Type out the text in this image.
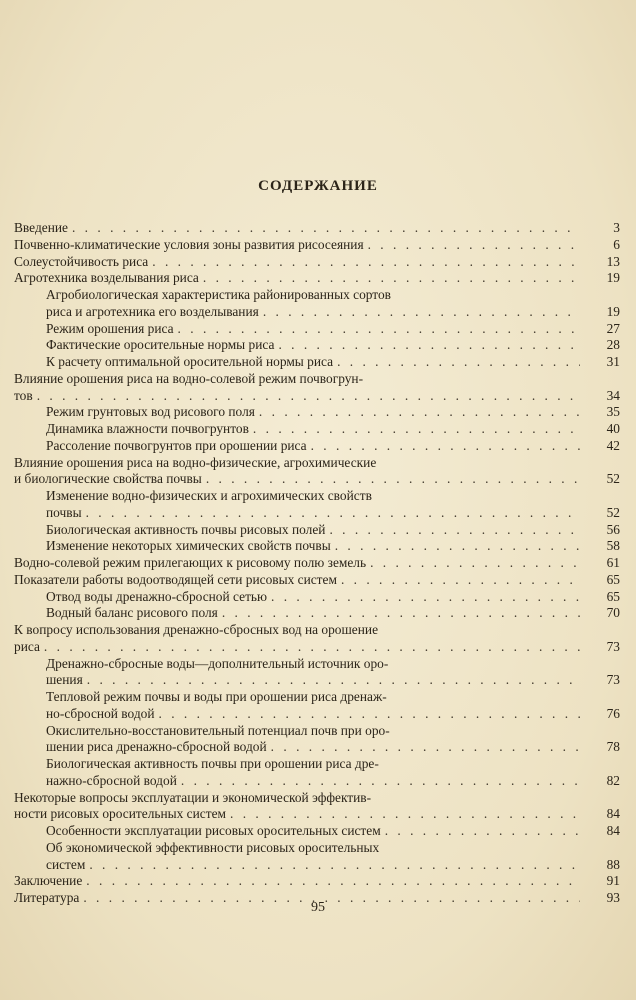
СОДЕРЖАНИЕ
Введение . . .	3
Почвенно-климатические условия зоны развития рисосеяния . . .	6
Солеустойчивость риса . . .	13
Агротехника возделывания риса . . .	19
Агробиологическая характеристика районированных сортов
риса и агротехника его возделывания . . .	19
Режим орошения риса . . .	27
Фактические оросительные нормы риса . . .	28
К расчету оптимальной оросительной нормы риса . . .	31
Влияние орошения риса на водно-солевой режим почвогрун-
тов . . .	34
Режим грунтовых вод рисового поля . . .	35
Динамика влажности почвогрунтов . . .	40
Рассоление почвогрунтов при орошении риса . . .	42
Влияние орошения риса на водно-физические, агрохимические
и биологические свойства почвы . . .	52
Изменение водно-физических и агрохимических свойств
почвы . . .	52
Биологическая активность почвы рисовых полей . . .	56
Изменение некоторых химических свойств почвы . . .	58
Водно-солевой режим прилегающих к рисовому полю земель . . .	61
Показатели работы водоотводящей сети рисовых систем . . .	65
Отвод воды дренажно-сбросной сетью . . .	65
Водный баланс рисового поля . . .	70
К вопросу использования дренажно-сбросных вод на орошение
риса . . .	73
Дренажно-сбросные воды—дополнительный источник оро-
шения . . .	73
Тепловой режим почвы и воды при орошении риса дренаж-
но-сбросной водой . . .	76
Окислительно-восстановительный потенциал почв при оро-
шении риса дренажно-сбросной водой . . .	78
Биологическая активность почвы при орошении риса дре-
нажно-сбросной водой . . .	82
Некоторые вопросы эксплуатации и экономической эффектив-
ности рисовых оросительных систем . . .	84
Особенности эксплуатации рисовых оросительных систем . . .	84
Об экономической эффективности рисовых оросительных
систем . . .	88
Заключение . . .	91
Литература . . .	93
95
